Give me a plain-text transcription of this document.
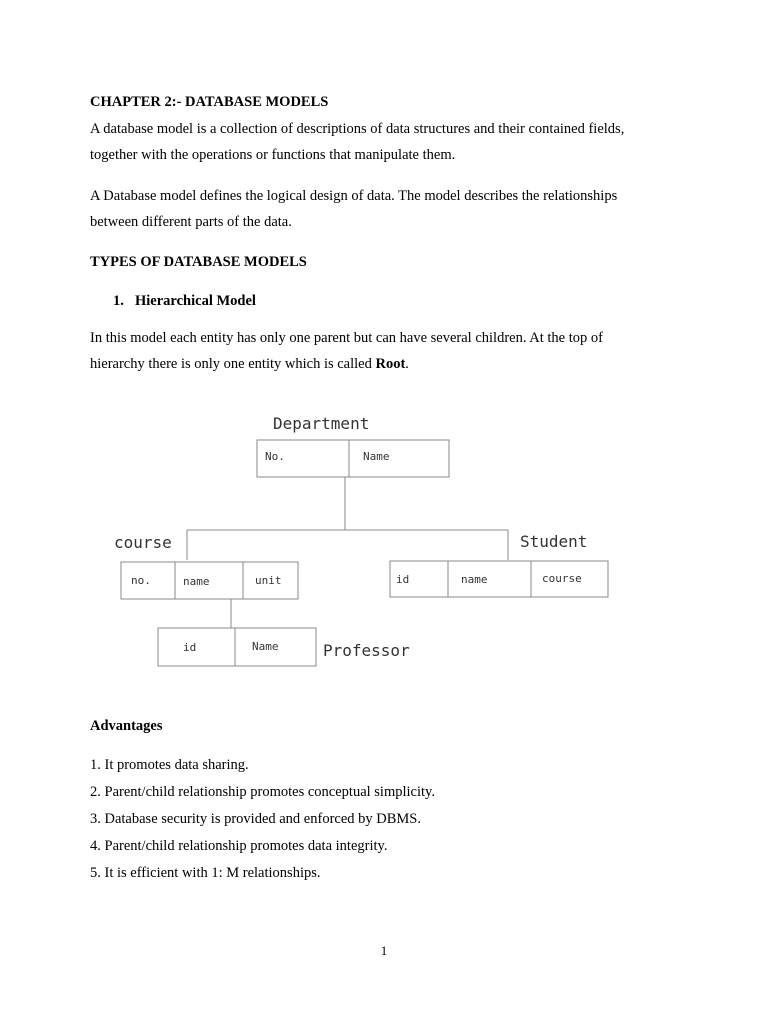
CHAPTER 2:- DATABASE MODELS
A database model is a collection of descriptions of data structures and their contained fields,
together with the operations or functions that manipulate them.
A Database model defines the logical design of data. The model describes the relationships
between different parts of the data.
TYPES OF DATABASE MODELS
1. Hierarchical Model
In this model each entity has only one parent but can have several children. At the top of
hierarchy there is only one entity which is called Root.
Department
No.	Name
course
no.	name	unit
Student
id	name	course
id	Name	Professor
Advantages
1. It promotes data sharing.
2. Parent/child relationship promotes conceptual simplicity.
3. Database security is provided and enforced by DBMS.
4. Parent/child relationship promotes data integrity.
5. It is efficient with 1: M relationships.
1
